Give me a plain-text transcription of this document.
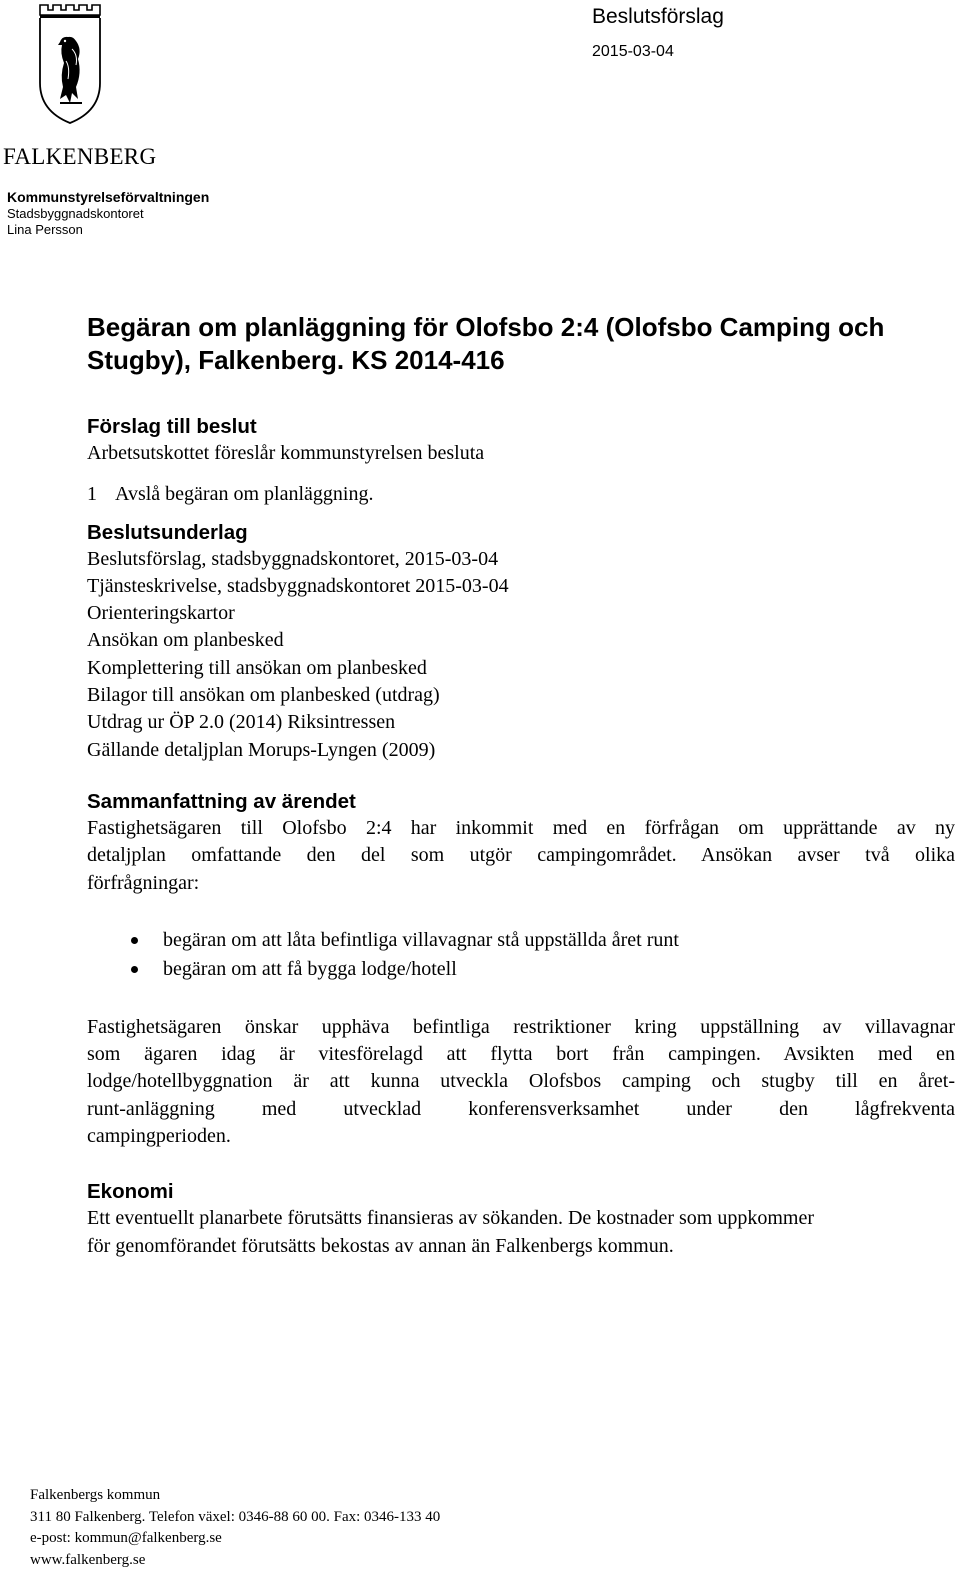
FALKENBERG
Kommunstyrelseförvaltningen
Stadsbyggnadskontoret
Lina Persson
Beslutsförslag
2015-03-04
Begäran om planläggning för Olofsbo 2:4 (Olofsbo Camping och
Stugby), Falkenberg. KS 2014-416
Förslag till beslut

Arbetsutskottet föreslår kommunstyrelsen besluta

1 Avslå begäran om planläggning.

Beslutsunderlag
Beslutsförslag, stadsbyggnadskontoret, 2015-03-04
Tjänsteskrivelse, stadsbyggnadskontoret 2015-03-04
Orienteringskartor
Ansökan om planbesked
Komplettering till ansökan om planbesked
Bilagor till ansökan om planbesked (utdrag)
Utdrag ur ÖP 2.0 (2014) Riksintressen
Gällande detaljplan Morups-Lyngen (2009)
Sammanfattning av ärendet
Fastighetsägaren till Olofsbo 2:4 har inkommit med en förfrågan om upprättande av ny
detaljplan omfattande den del som utgör campingområdet. Ansökan avser två olika
förfrågningar:
begäran om att låta befintliga villavagnar stå uppställda året runt
begäran om att få bygga lodge/hotell
Fastighetsägaren önskar upphäva befintliga restriktioner kring uppställning av villavagnar
som ägaren idag är vitesförelagd att flytta bort från campingen. Avsikten med en
lodge/hotellbyggnation är att kunna utveckla Olofsbos camping och stugby till en året-
runt-anläggning med utvecklad konferensverksamhet under den lågfrekventa
campingperioden.
Ekonomi
Ett eventuellt planarbete förutsätts finansieras av sökanden. De kostnader som uppkommer
för genomförandet förutsätts bekostas av annan än Falkenbergs kommun.
Falkenbergs kommun
311 80 Falkenberg. Telefon växel: 0346-88 60 00. Fax: 0346-133 40
e-post: kommun@falkenberg.se
www.falkenberg.se
